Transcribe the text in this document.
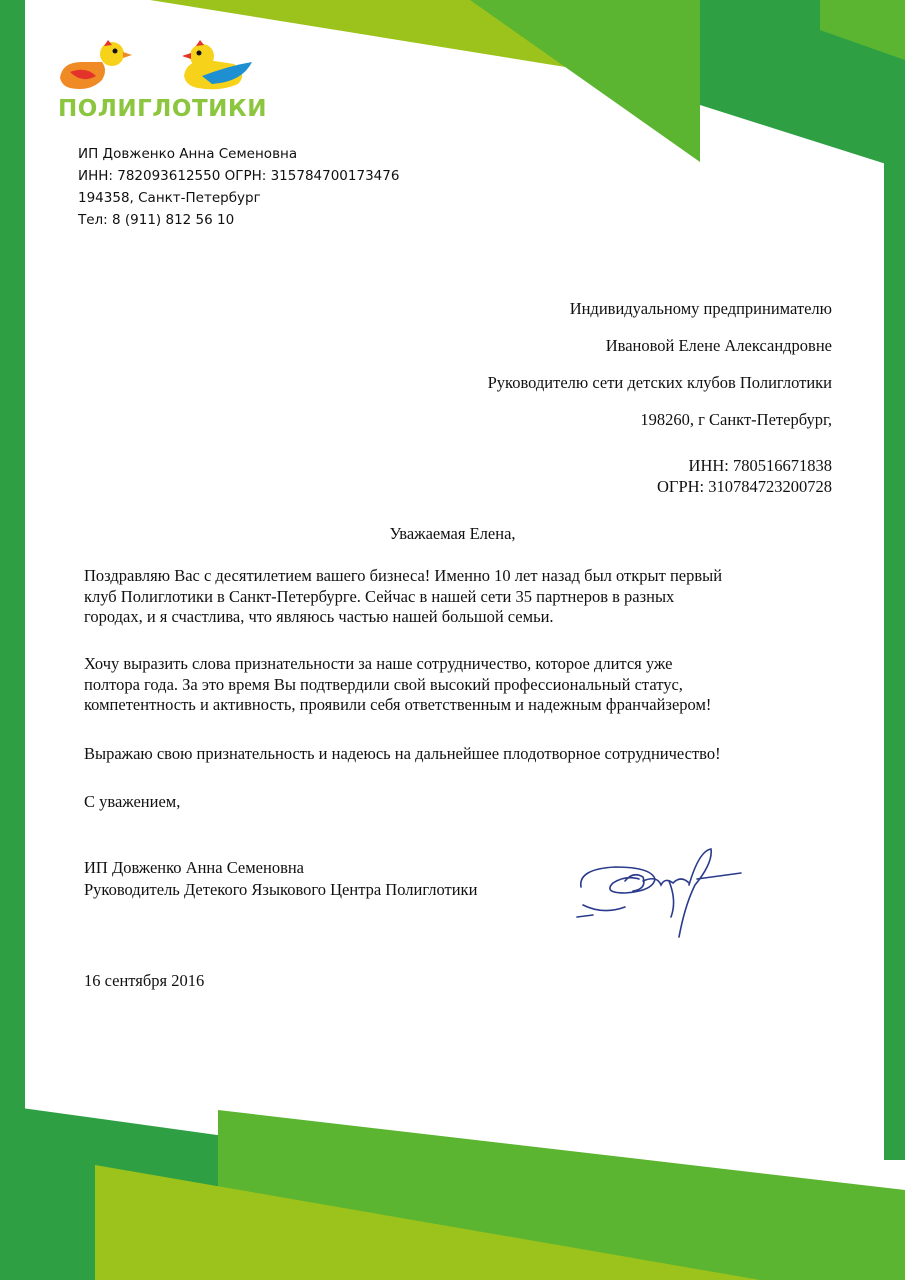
ПОЛИГЛОТИКИ
ИП Довженко Анна Семеновна
ИНН: 782093612550 ОГРН: 315784700173476
194358, Санкт-Петербург
Тел: 8 (911) 812 56 10
Индивидуальному предпринимателю
Ивановой Елене Александровне
Руководителю сети детских клубов Полиглотики
198260, г Санкт-Петербург,
ИНН: 780516671838
ОГРН: 310784723200728
Уважаемая Елена,

Поздравляю Вас с десятилетием вашего бизнеса! Именно 10 лет назад был открыт первый
клуб Полиглотики в Санкт-Петербурге. Сейчас в нашей сети 35 партнеров в разных
городах, и я счастлива, что являюсь частью нашей большой семьи.

Хочу выразить слова признательности за наше сотрудничество, которое длится уже
полтора года. За это время Вы подтвердили свой высокий профессиональный статус,
компетентность и активность, проявили себя ответственным и надежным франчайзером!

Выражаю свою признательность и надеюсь на дальнейшее плодотворное сотрудничество!

С уважением,

ИП Довженко Анна Семеновна
Руководитель Детекого Языкового Центра Полиглотики
16 сентября 2016
